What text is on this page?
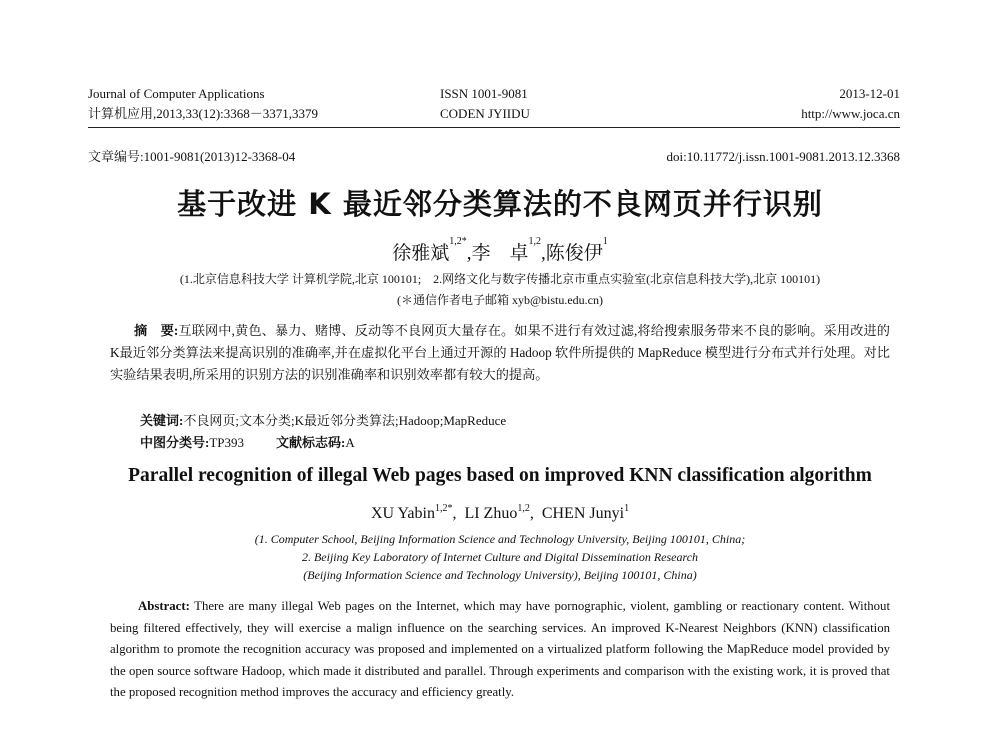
Journal of Computer Applications
计算机应用,2013,33(12):3368－3371,3379
ISSN 1001-9081
CODEN JYIIDU
2013-12-01
http://www.joca.cn
文章编号:1001-9081(2013)12-3368-04	doi:10.11772/j.issn.1001-9081.2013.12.3368
基于改进 K 最近邻分类算法的不良网页并行识别
徐雅斌$^{1,2*}$,李　卓$^{1,2}$,陈俊伊$^1$
(1.北京信息科技大学 计算机学院,北京 100101;　2.网络文化与数字传播北京市重点实验室(北京信息科技大学),北京 100101)
(＊通信作者电子邮箱 xyb@bistu.edu.cn)
摘　要:互联网中,黄色、暴力、赌博、反动等不良网页大量存在。如果不进行有效过滤,将给搜索服务带来不良的影响。采用改进的K最近邻分类算法来提高识别的准确率,并在虚拟化平台上通过开源的 Hadoop 软件所提供的 MapReduce 模型进行分布式并行处理。对比实验结果表明,所采用的识别方法的识别准确率和识别效率都有较大的提高。
关键词:不良网页;文本分类;K最近邻分类算法;Hadoop;MapReduce
中图分类号:TP393 文献标志码:A
Parallel recognition of illegal Web pages based on improved KNN classification algorithm
XU Yabin$^{1,2*}$,  LI Zhuo$^{1,2}$,  CHEN Junyi$^1$
(1. Computer School, Beijing Information Science and Technology University, Beijing 100101, China;
2. Beijing Key Laboratory of Internet Culture and Digital Dissemination Research
(Beijing Information Science and Technology University), Beijing 100101, China)
Abstract: There are many illegal Web pages on the Internet, which may have pornographic, violent, gambling or reactionary content. Without being filtered effectively, they will exercise a malign influence on the searching services. An improved K-Nearest Neighbors (KNN) classification algorithm to promote the recognition accuracy was proposed and implemented on a virtualized platform following the MapReduce model provided by the open source software Hadoop, which made it distributed and parallel. Through experiments and comparison with the existing work, it is proved that the proposed recognition method improves the accuracy and efficiency greatly.
